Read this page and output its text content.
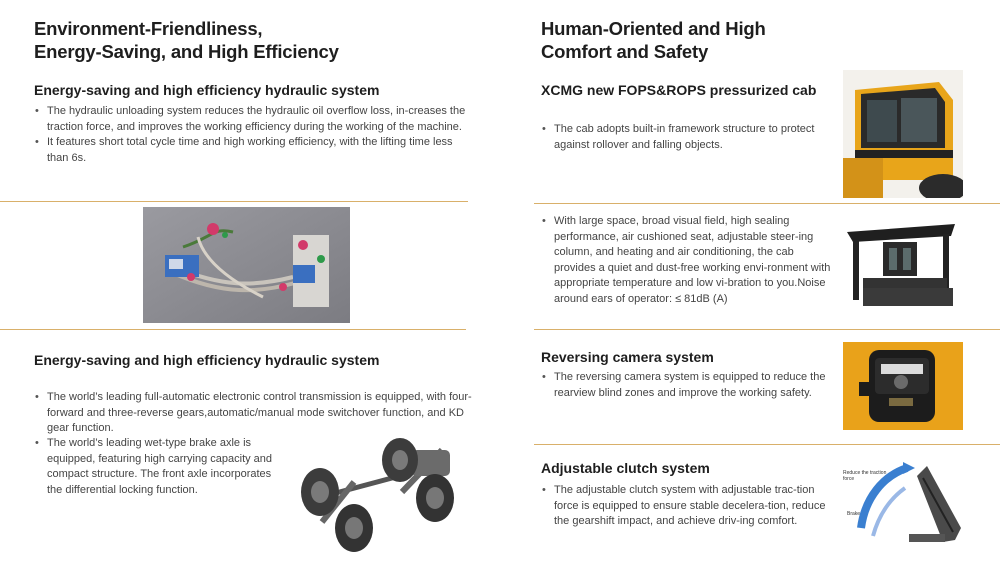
Environment-Friendliness,
Energy-Saving, and High Efficiency
Energy-saving and high efficiency hydraulic system
• The hydraulic unloading system reduces the hydraulic oil overflow loss, in-creases the traction force, and improves the working efficiency during the working of the machine.
• It features short total cycle time and high working efficiency, with the lifting time less than 6s.
Energy-saving and high efficiency hydraulic system
• The world’s leading full-automatic electronic control transmission is equipped, with four-forward and three-reverse gears,automatic/manual mode switchover function, and KD gear function.
• The world’s leading wet-type brake axle is equipped, featuring high carrying capacity and compact structure. The front axle incorporates the differential locking function.
Human-Oriented and High
Comfort and Safety
XCMG new FOPS&ROPS pressurized cab
• The cab adopts built-in framework structure to protect against rollover and falling objects.
• With large space, broad visual field, high sealing performance, air cushioned seat, adjustable steer-ing column, and heating and air conditioning, the cab provides a quiet and dust-free working envi-ronment with appropriate temperature and low vi-bration to you.Noise around ears of operator: ≤ 81dB (A)
Reversing camera system
• The reversing camera system is equipped to reduce the rearview blind zones and improve the working safety.
Adjustable clutch system
• The adjustable clutch system with adjustable trac-tion force is equipped to ensure stable decelera-tion, reduce the gearshift impact, and achieve driv-ing comfort.
Reduce the traction force
Brake
